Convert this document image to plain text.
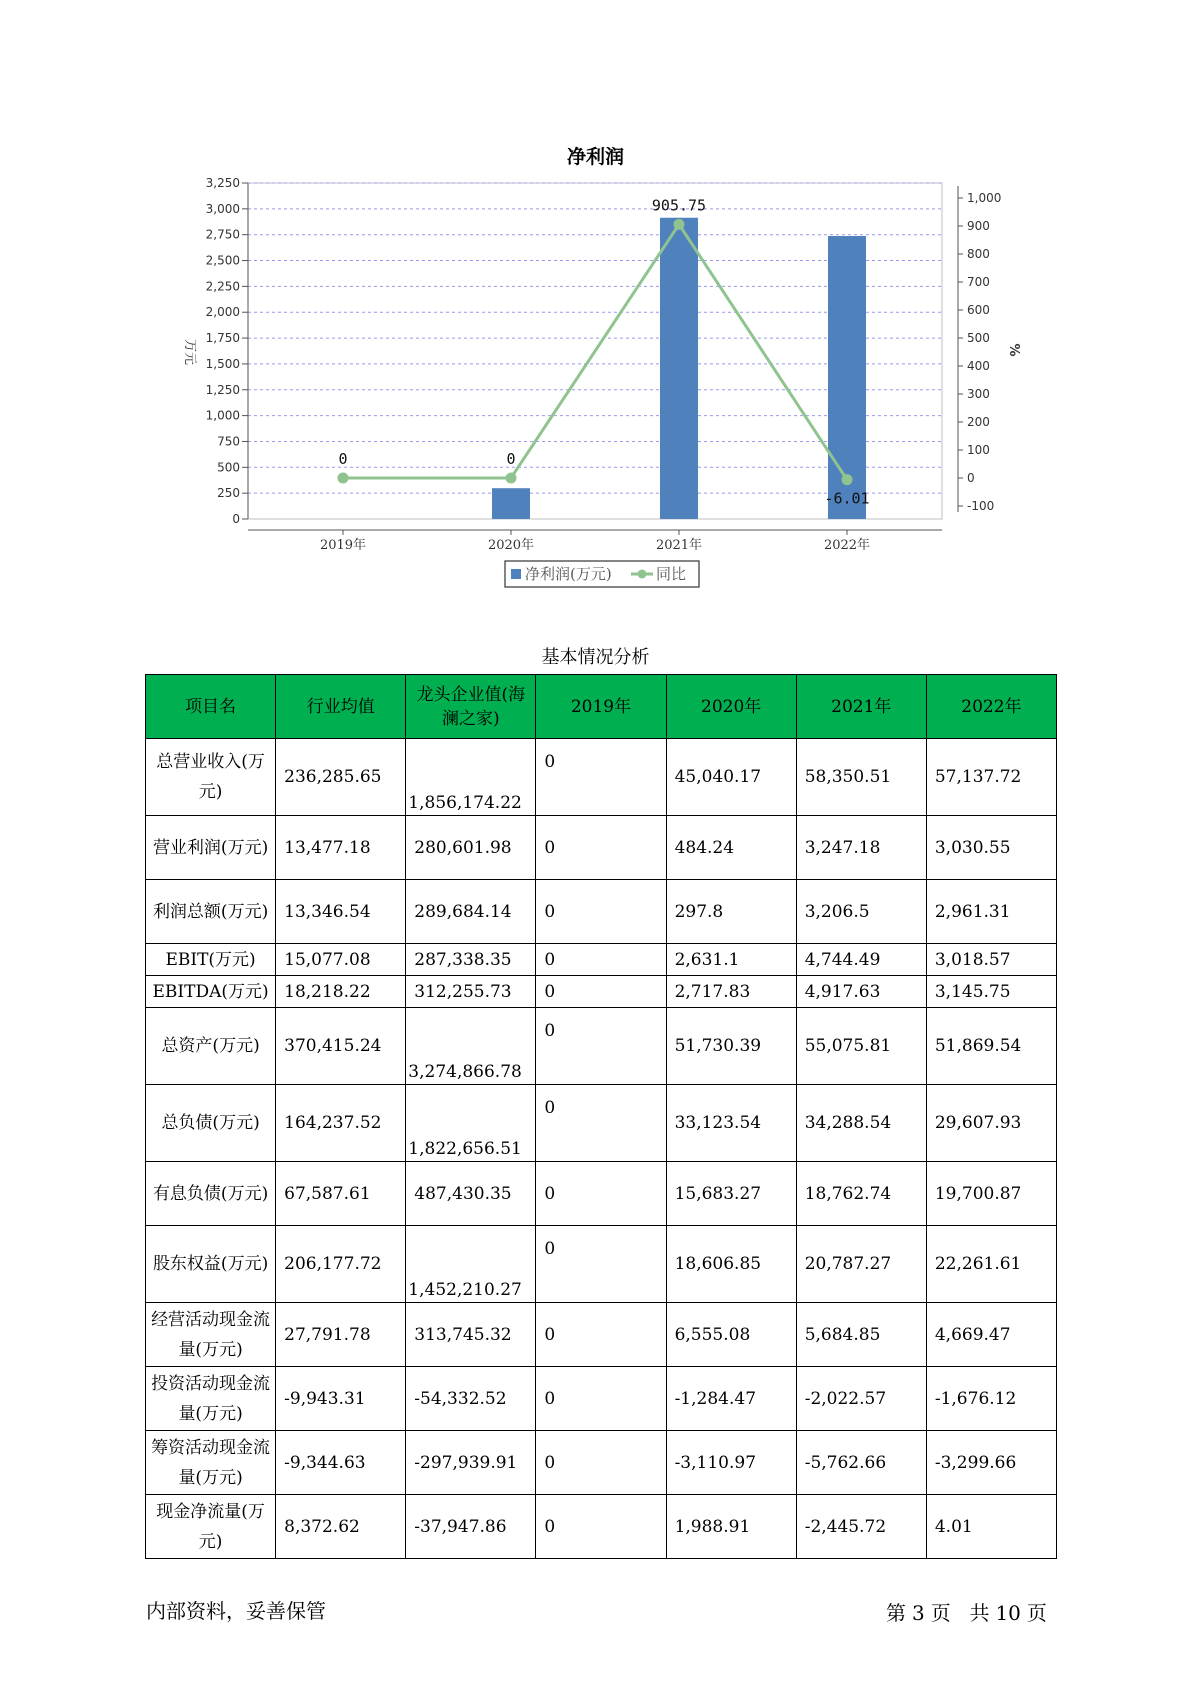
净利润
0
250
500
750
1,000
1,250
1,500
1,750
2,000
2,250
2,500
2,750
3,000
3,250
-100
0
100
200
300
400
500
600
700
800
900
1,000
万元	%
2019年	2020年	2021年	2022年
0	0
905.75
-6.01
净利润(万元)	同比
基本情况分析
项目名	行业均值	龙头企业值(海澜之家)	2019年	2020年	2021年	2022年
总营业收入(万元)	236,285.65	1,856,174.22	0	45,040.17	58,350.51	57,137.72
营业利润(万元)	13,477.18	280,601.98	0	484.24	3,247.18	3,030.55
利润总额(万元)	13,346.54	289,684.14	0	297.8	3,206.5	2,961.31
EBIT(万元)	15,077.08	287,338.35	0	2,631.1	4,744.49	3,018.57
EBITDA(万元)	18,218.22	312,255.73	0	2,717.83	4,917.63	3,145.75
总资产(万元)	370,415.24	3,274,866.78	0	51,730.39	55,075.81	51,869.54
总负债(万元)	164,237.52	1,822,656.51	0	33,123.54	34,288.54	29,607.93
有息负债(万元)	67,587.61	487,430.35	0	15,683.27	18,762.74	19,700.87
股东权益(万元)	206,177.72	1,452,210.27	0	18,606.85	20,787.27	22,261.61
经营活动现金流量(万元)	27,791.78	313,745.32	0	6,555.08	5,684.85	4,669.47
投资活动现金流量(万元)	-9,943.31	-54,332.52	0	-1,284.47	-2,022.57	-1,676.12
筹资活动现金流量(万元)	-9,344.63	-297,939.91	0	-3,110.97	-5,762.66	-3,299.66
现金净流量(万元)	8,372.62	-37,947.86	0	1,988.91	-2,445.72	4.01
内部资料，妥善保管	第 3 页 共 10 页
